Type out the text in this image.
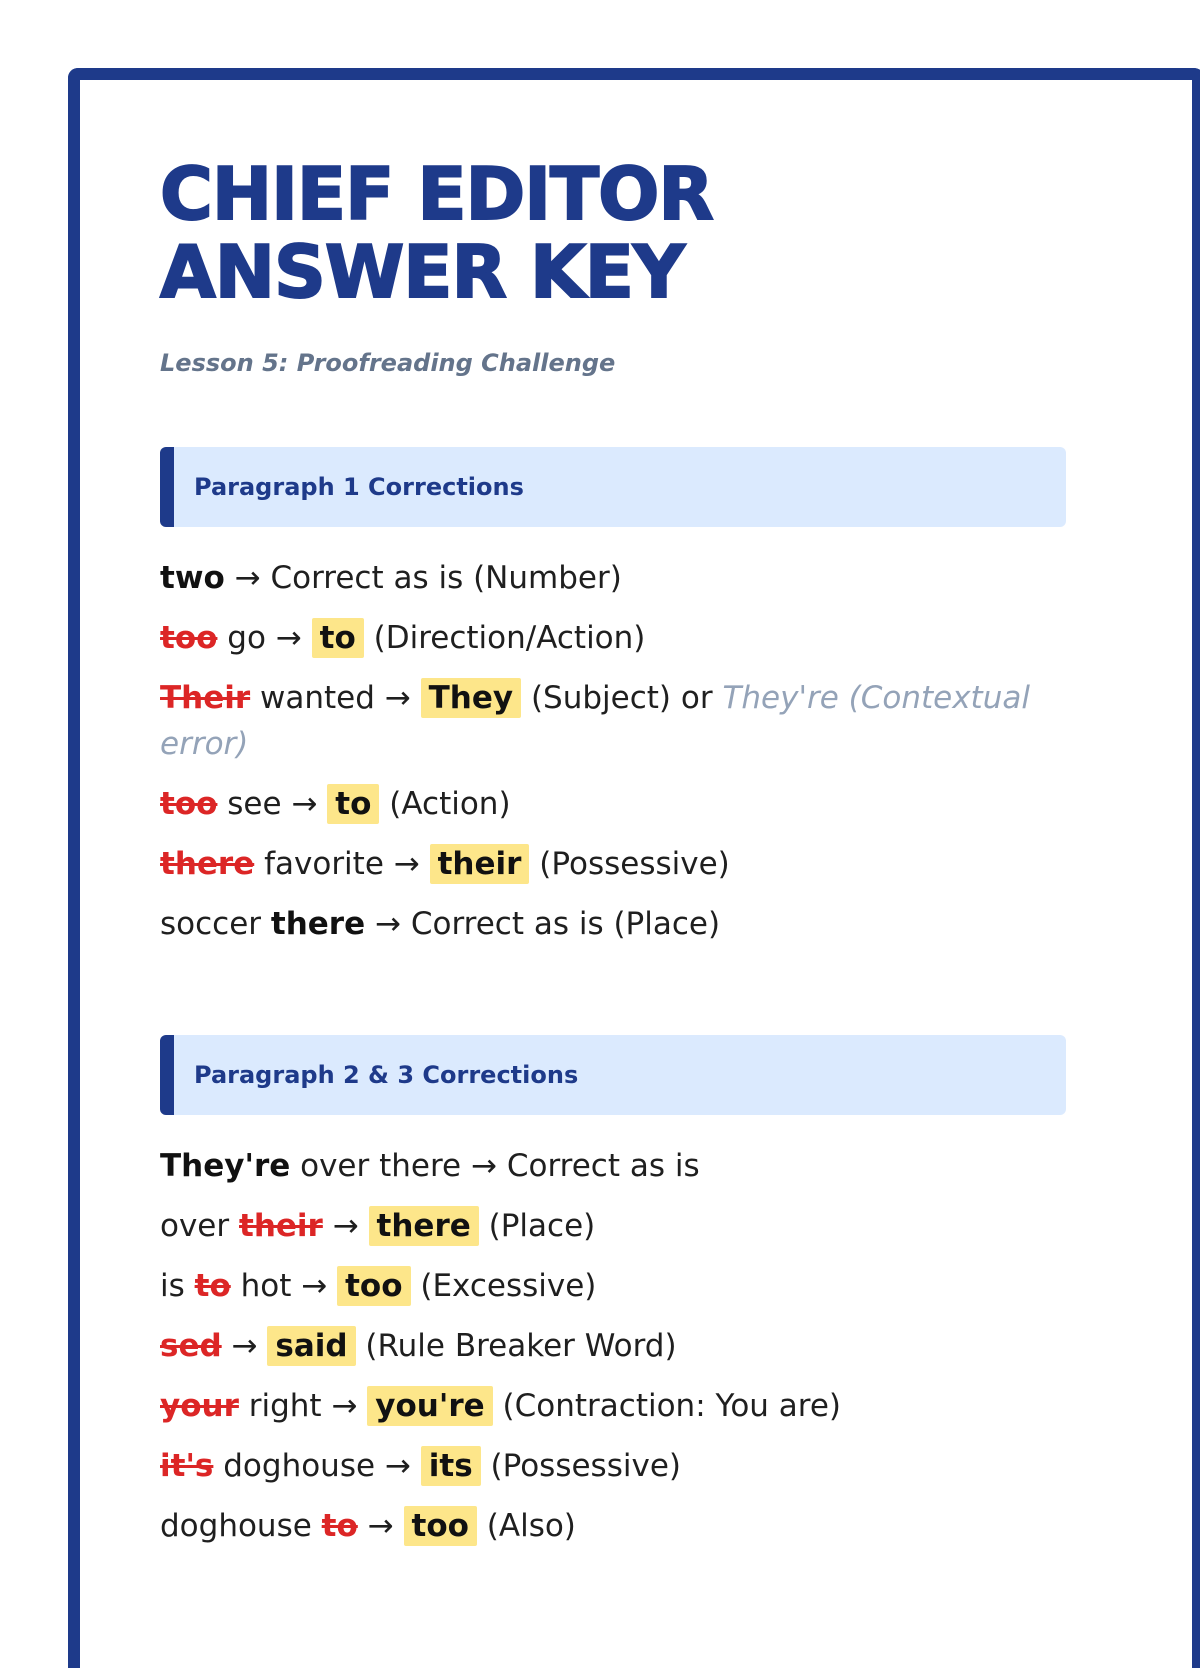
CHIEF EDITOR
ANSWER KEY
Lesson 5: Proofreading Challenge
Paragraph 1 Corrections
two → Correct as is (Number)
too go → to (Direction/Action)
Their wanted → They (Subject) or They're (Contextual error)
too see → to (Action)
there favorite → their (Possessive)
soccer there → Correct as is (Place)
Paragraph 2 & 3 Corrections
They're over there → Correct as is
over their → there (Place)
is to hot → too (Excessive)
sed → said (Rule Breaker Word)
your right → you're (Contraction: You are)
it's doghouse → its (Possessive)
doghouse to → too (Also)
